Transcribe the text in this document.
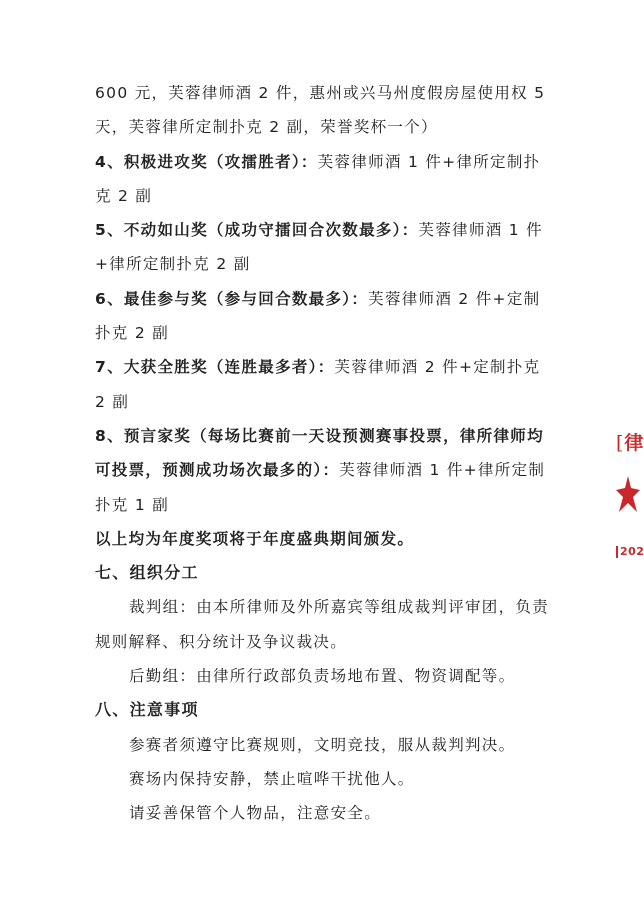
600 元，芙蓉律师酒 2 件，惠州或兴马州度假房屋使用权 5 天，芙蓉律所定制扑克 2 副，荣誉奖杯一个）

4、积极进攻奖（攻擂胜者）：芙蓉律师酒 1 件+律所定制扑克 2 副

5、不动如山奖（成功守擂回合次数最多）：芙蓉律师酒 1 件+律所定制扑克 2 副

6、最佳参与奖（参与回合数最多）：芙蓉律师酒 2 件+定制扑克 2 副

7、大获全胜奖（连胜最多者）：芙蓉律师酒 2 件+定制扑克 2 副

8、预言家奖（每场比赛前一天设预测赛事投票，律所律师均可投票，预测成功场次最多的）：芙蓉律师酒 1 件+律所定制扑克 1 副

以上均为年度奖项将于年度盛典期间颁发。

七、组织分工

裁判组：由本所律师及外所嘉宾等组成裁判评审团，负责规则解释、积分统计及争议裁决。

后勤组：由律所行政部负责场地布置、物资调配等。

八、注意事项

参赛者须遵守比赛规则，文明竞技，服从裁判判决。

赛场内保持安静，禁止喧哗干扰他人。

请妥善保管个人物品，注意安全。

[ 律
202
